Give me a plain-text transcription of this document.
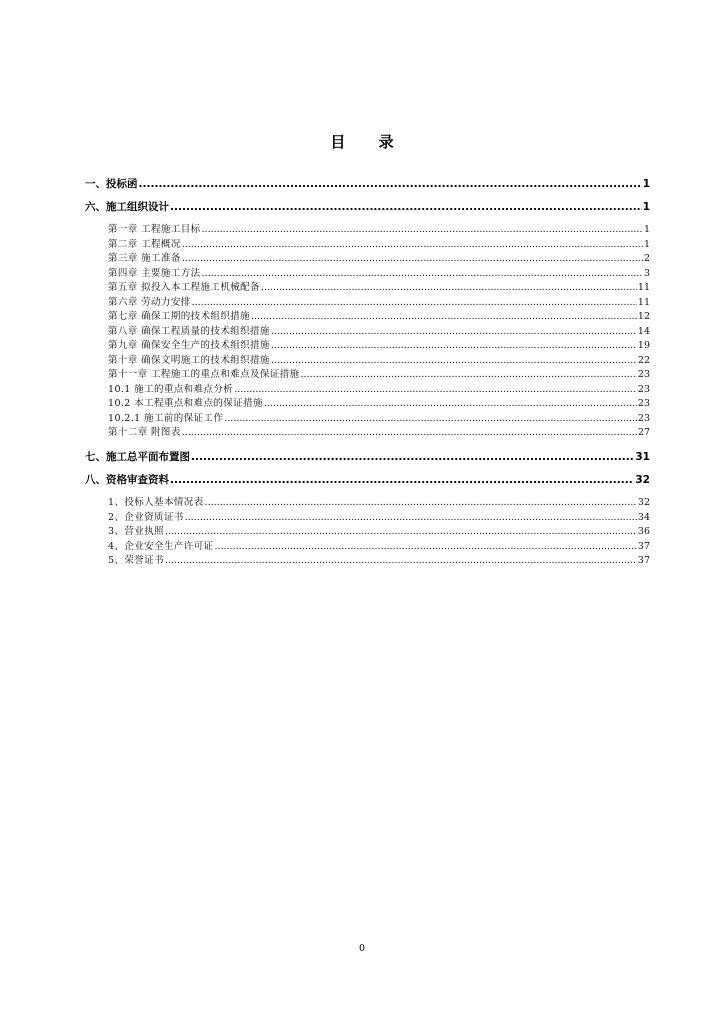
目 录
一、投标函 .....	1
六、施工组织设计 .....	1
第一章 工程施工目标 .....	1
第二章 工程概况 .....	1
第三章 施工准备 .....	2
第四章 主要施工方法 .....	3
第五章 拟投入本工程施工机械配备 .....	11
第六章 劳动力安排 .....	11
第七章 确保工期的技术组织措施 .....	12
第八章 确保工程质量的技术组织措施 .....	14
第九章 确保安全生产的技术组织措施 .....	19
第十章 确保文明施工的技术组织措施 .....	22
第十一章 工程施工的重点和难点及保证措施 .....	23
10.1 施工的重点和难点分析 .....	23
10.2 本工程重点和难点的保证措施 .....	23
10.2.1 施工前的保证工作 .....	23
第十二章 附图表 .....	27
七、施工总平面布置图 .....	31
八、资格审查资料 .....	32
1、投标人基本情况表 .....	32
2、企业资质证书 .....	34
3、营业执照 .....	36
4、企业安全生产许可证 .....	37
5、荣誉证书 .....	37
0
